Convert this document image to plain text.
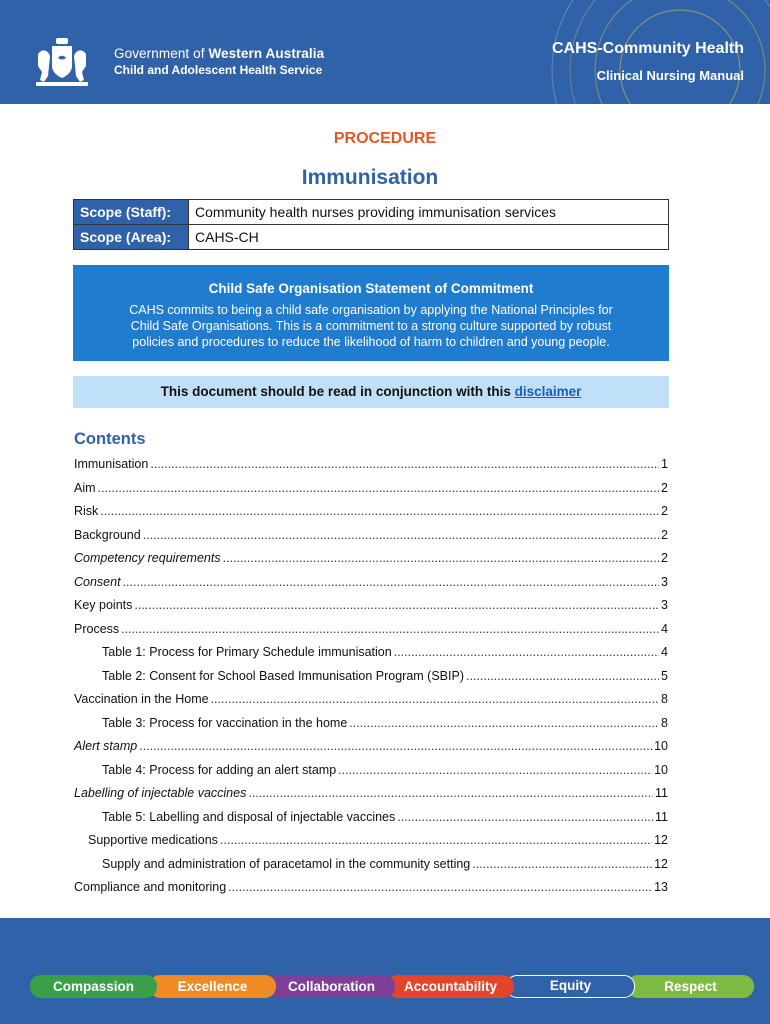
Government of Western Australia
Child and Adolescent Health Service
CAHS-Community Health
Clinical Nursing Manual
PROCEDURE
Immunisation
Scope (Staff):	Community health nurses providing immunisation services
Scope (Area):	CAHS-CH
Child Safe Organisation Statement of Commitment
CAHS commits to being a child safe organisation by applying the National Principles for
Child Safe Organisations. This is a commitment to a strong culture supported by robust
policies and procedures to reduce the likelihood of harm to children and young people.
This document should be read in conjunction with this disclaimer
Contents
Immunisation .....	1
Aim .....	2
Risk .....	2
Background .....	2
Competency requirements .....	2
Consent .....	3
Key points .....	3
Process .....	4
Table 1: Process for Primary Schedule immunisation .....	4
Table 2: Consent for School Based Immunisation Program (SBIP) .....	5
Vaccination in the Home .....	8
Table 3: Process for vaccination in the home .....	8
Alert stamp .....	10
Table 4: Process for adding an alert stamp .....	10
Labelling of injectable vaccines .....	11
Table 5: Labelling and disposal of injectable vaccines .....	11
Supportive medications .....	12
Supply and administration of paracetamol in the community setting .....	12
Compliance and monitoring .....	13
Compassion	Excellence	Collaboration	Accountability	Equity	Respect
